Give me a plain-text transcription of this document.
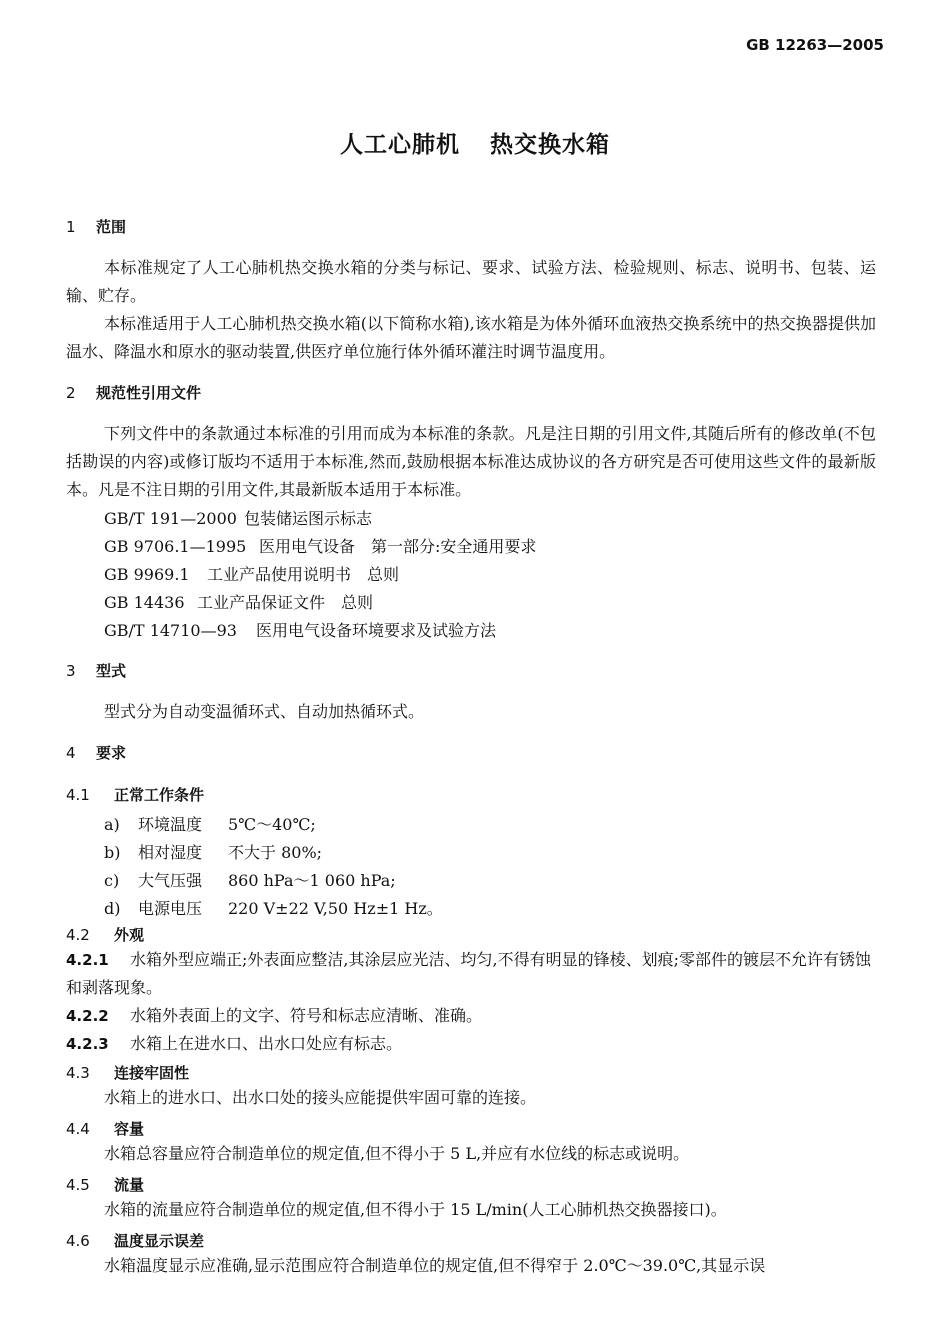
GB 12263—2005
人工心肺机 热交换水箱
1 范围
本标准规定了人工心肺机热交换水箱的分类与标记、要求、试验方法、检验规则、标志、说明书、包装、运输、贮存。
本标准适用于人工心肺机热交换水箱(以下简称水箱),该水箱是为体外循环血液热交换系统中的热交换器提供加温水、降温水和原水的驱动装置,供医疗单位施行体外循环灌注时调节温度用。
2 规范性引用文件
下列文件中的条款通过本标准的引用而成为本标准的条款。凡是注日期的引用文件,其随后所有的修改单(不包括勘误的内容)或修订版均不适用于本标准,然而,鼓励根据本标准达成协议的各方研究是否可使用这些文件的最新版本。凡是不注日期的引用文件,其最新版本适用于本标准。
GB/T 191—2000 包装储运图示标志
GB 9706.1—1995 医用电气设备　第一部分:安全通用要求
GB 9969.1 工业产品使用说明书　总则
GB 14436 工业产品保证文件　总则
GB/T 14710—93 医用电气设备环境要求及试验方法
3 型式
型式分为自动变温循环式、自动加热循环式。
4 要求
4.1 正常工作条件
a) 环境温度 5℃～40℃;
b) 相对湿度 不大于 80%;
c) 大气压强 860 hPa～1 060 hPa;
d) 电源电压 220 V±22 V,50 Hz±1 Hz。
4.2 外观
4.2.1 水箱外型应端正;外表面应整洁,其涂层应光洁、均匀,不得有明显的锋棱、划痕;零部件的镀层不允许有锈蚀和剥落现象。
4.2.2 水箱外表面上的文字、符号和标志应清晰、准确。
4.2.3 水箱上在进水口、出水口处应有标志。
4.3 连接牢固性
水箱上的进水口、出水口处的接头应能提供牢固可靠的连接。
4.4 容量
水箱总容量应符合制造单位的规定值,但不得小于 5 L,并应有水位线的标志或说明。
4.5 流量
水箱的流量应符合制造单位的规定值,但不得小于 15 L/min(人工心肺机热交换器接口)。
4.6 温度显示误差
水箱温度显示应准确,显示范围应符合制造单位的规定值,但不得窄于 2.0℃～39.0℃,其显示误
